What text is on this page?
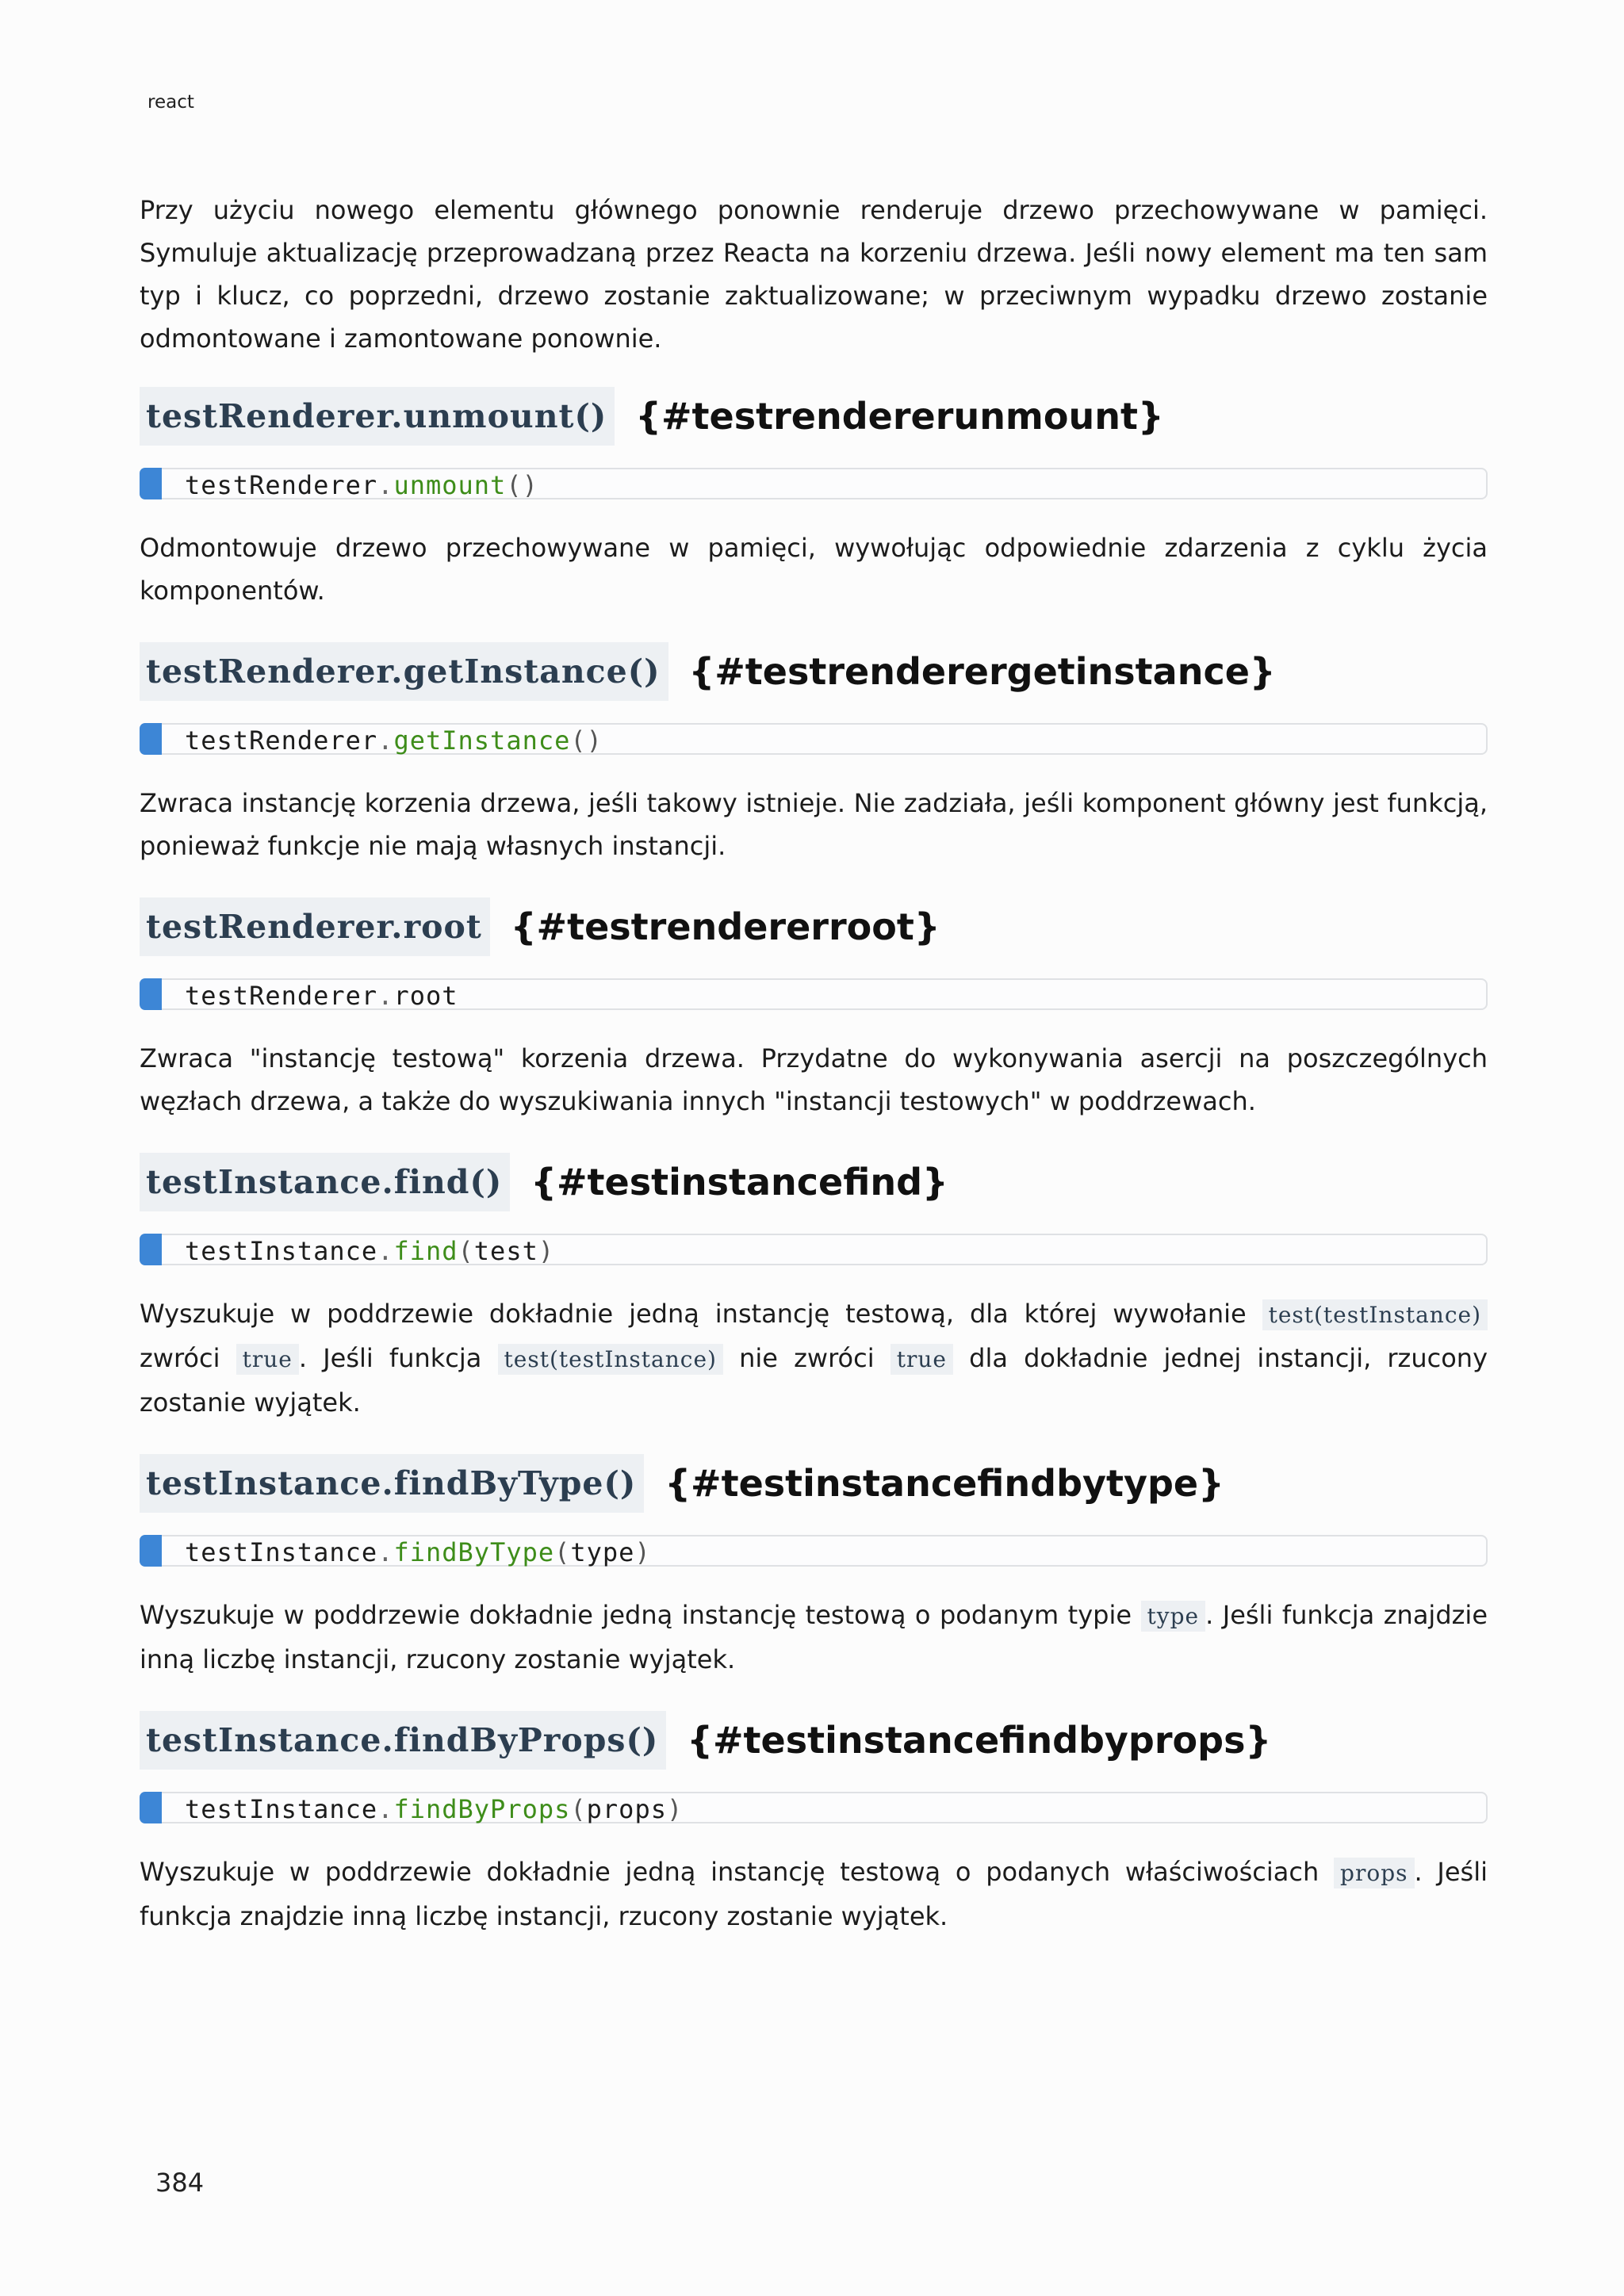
react

Przy użyciu nowego elementu głównego ponownie renderuje drzewo przechowywane w pamięci. Symuluje aktualizację przeprowadzaną przez Reacta na korzeniu drzewa. Jeśli nowy element ma ten sam typ i klucz, co poprzedni, drzewo zostanie zaktualizowane; w przeciwnym wypadku drzewo zostanie odmontowane i zamontowane ponownie.

testRenderer.unmount() {#testrendererunmount}
testRenderer.unmount()

Odmontowuje drzewo przechowywane w pamięci, wywołując odpowiednie zdarzenia z cyklu życia komponentów.

testRenderer.getInstance() {#testrenderergetinstance}
testRenderer.getInstance()

Zwraca instancję korzenia drzewa, jeśli takowy istnieje. Nie zadziała, jeśli komponent główny jest funkcją, ponieważ funkcje nie mają własnych instancji.

testRenderer.root {#testrendererroot}
testRenderer.root

Zwraca "instancję testową" korzenia drzewa. Przydatne do wykonywania asercji na poszczególnych węzłach drzewa, a także do wyszukiwania innych "instancji testowych" w poddrzewach.

testInstance.find() {#testinstancefind}
testInstance.find(test)

Wyszukuje w poddrzewie dokładnie jedną instancję testową, dla której wywołanie test(testInstance) zwróci true . Jeśli funkcja test(testInstance) nie zwróci true dla dokładnie jednej instancji, rzucony zostanie wyjątek.

testInstance.findByType() {#testinstancefindbytype}
testInstance.findByType(type)

Wyszukuje w poddrzewie dokładnie jedną instancję testową o podanym typie type . Jeśli funkcja znajdzie inną liczbę instancji, rzucony zostanie wyjątek.

testInstance.findByProps() {#testinstancefindbyprops}
testInstance.findByProps(props)

Wyszukuje w poddrzewie dokładnie jedną instancję testową o podanych właściwościach props . Jeśli funkcja znajdzie inną liczbę instancji, rzucony zostanie wyjątek.

384
